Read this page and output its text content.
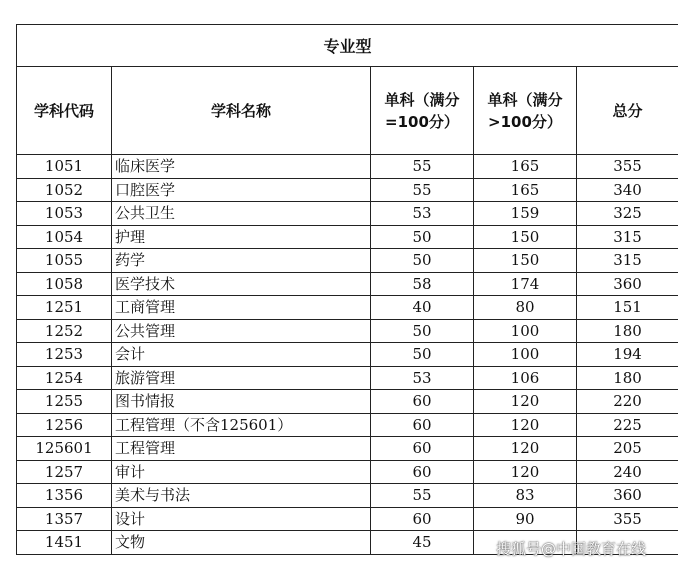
专业型				
学科代码	学科名称	单科（满分=100分）	单科（满分>100分）	总分
1051	临床医学	55	165	355
1052	口腔医学	55	165	340
1053	公共卫生	53	159	325
1054	护理	50	150	315
1055	药学	50	150	315
1058	医学技术	58	174	360
1251	工商管理	40	80	151
1252	公共管理	50	100	180
1253	会计	50	100	194
1254	旅游管理	53	106	180
1255	图书情报	60	120	220
1256	工程管理（不含125601）	60	120	225
125601	工程管理	60	120	205
1257	审计	60	120	240
1356	美术与书法	55	83	360
1357	设计	60	90	355
1451	文物	45			搜狐号@中国教育在线
